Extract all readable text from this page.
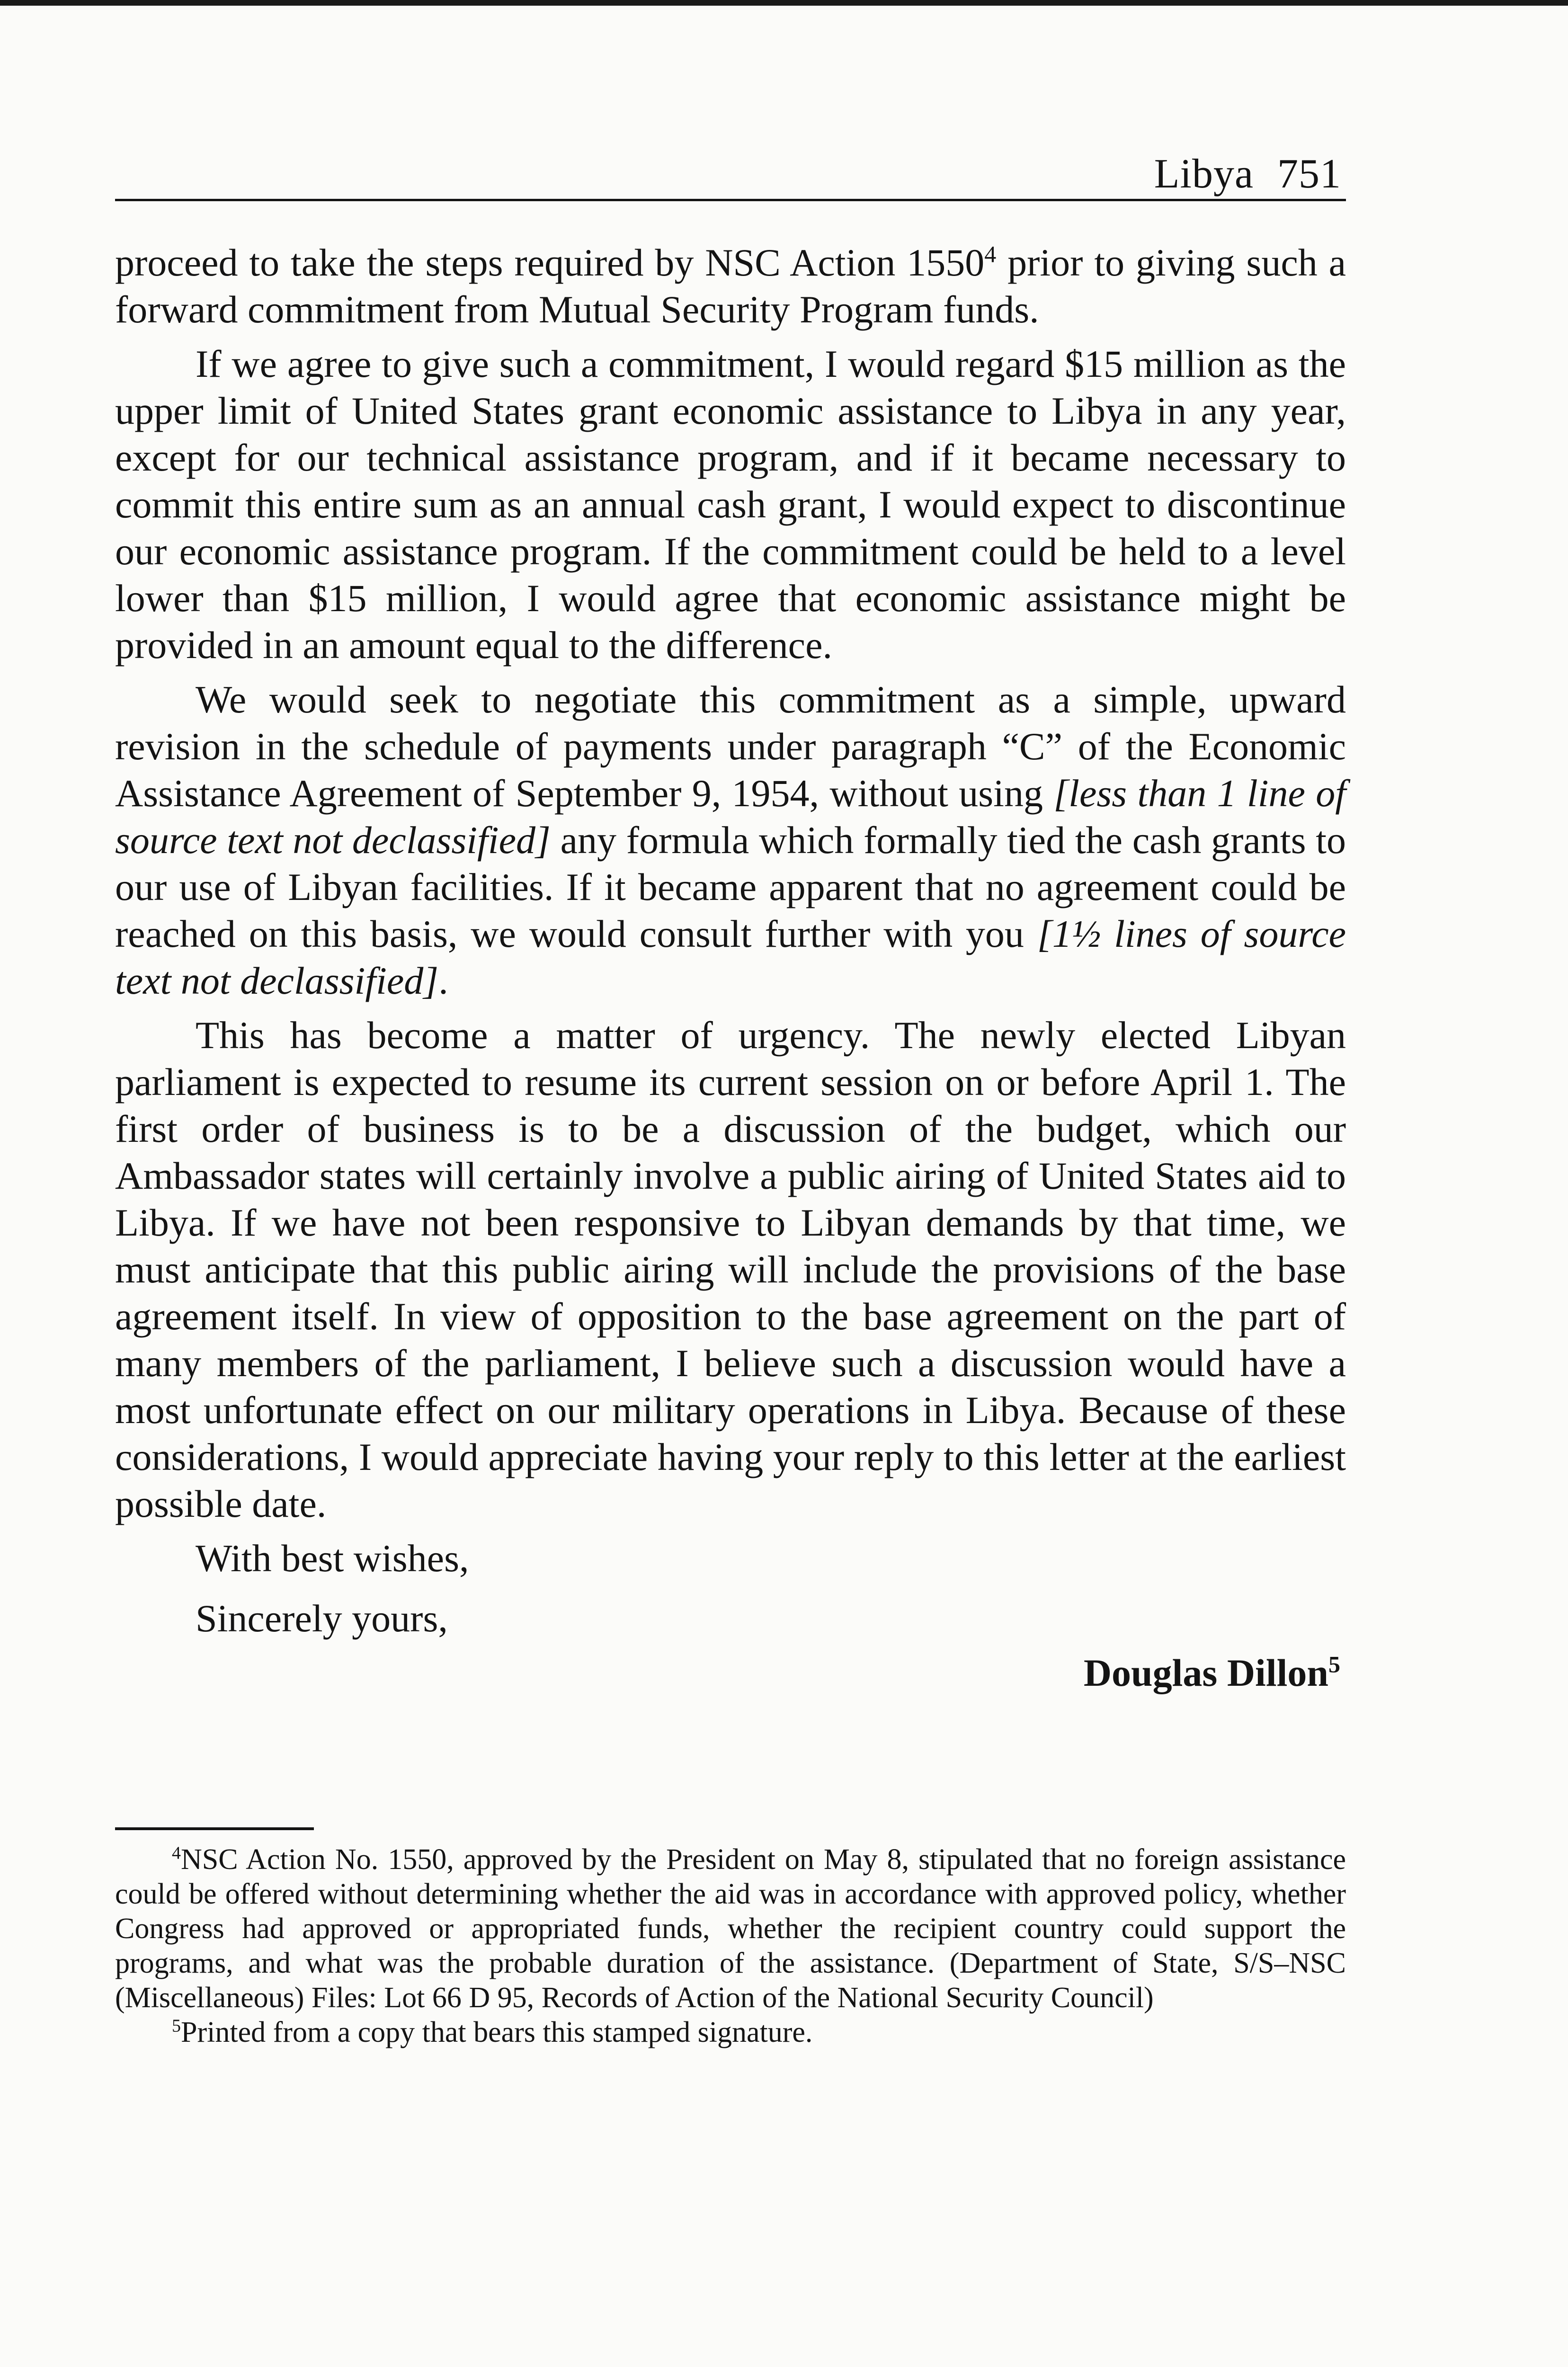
Libya 751

proceed to take the steps required by NSC Action 1550$^4$ prior to giving such a forward commitment from Mutual Security Program funds.

If we agree to give such a commitment, I would regard $15 million as the upper limit of United States grant economic assistance to Libya in any year, except for our technical assistance program, and if it became necessary to commit this entire sum as an annual cash grant, I would expect to discontinue our economic assistance program. If the commitment could be held to a level lower than $15 million, I would agree that economic assistance might be provided in an amount equal to the difference.

We would seek to negotiate this commitment as a simple, upward revision in the schedule of payments under paragraph “C” of the Economic Assistance Agreement of September 9, 1954, without using [less than 1 line of source text not declassified] any formula which formally tied the cash grants to our use of Libyan facilities. If it became apparent that no agreement could be reached on this basis, we would consult further with you [1½ lines of source text not declassified].

This has become a matter of urgency. The newly elected Libyan parliament is expected to resume its current session on or before April 1. The first order of business is to be a discussion of the budget, which our Ambassador states will certainly involve a public airing of United States aid to Libya. If we have not been responsive to Libyan demands by that time, we must anticipate that this public airing will include the provisions of the base agreement itself. In view of opposition to the base agreement on the part of many members of the parliament, I believe such a discussion would have a most unfortunate effect on our military operations in Libya. Because of these considerations, I would appreciate having your reply to this letter at the earliest possible date.

With best wishes,

Sincerely yours,

Douglas Dillon$^5$

$^4$NSC Action No. 1550, approved by the President on May 8, stipulated that no foreign assistance could be offered without determining whether the aid was in accordance with approved policy, whether Congress had approved or appropriated funds, whether the recipient country could support the programs, and what was the probable duration of the assistance. (Department of State, S/S–NSC (Miscellaneous) Files: Lot 66 D 95, Records of Action of the National Security Council)

$^5$Printed from a copy that bears this stamped signature.
